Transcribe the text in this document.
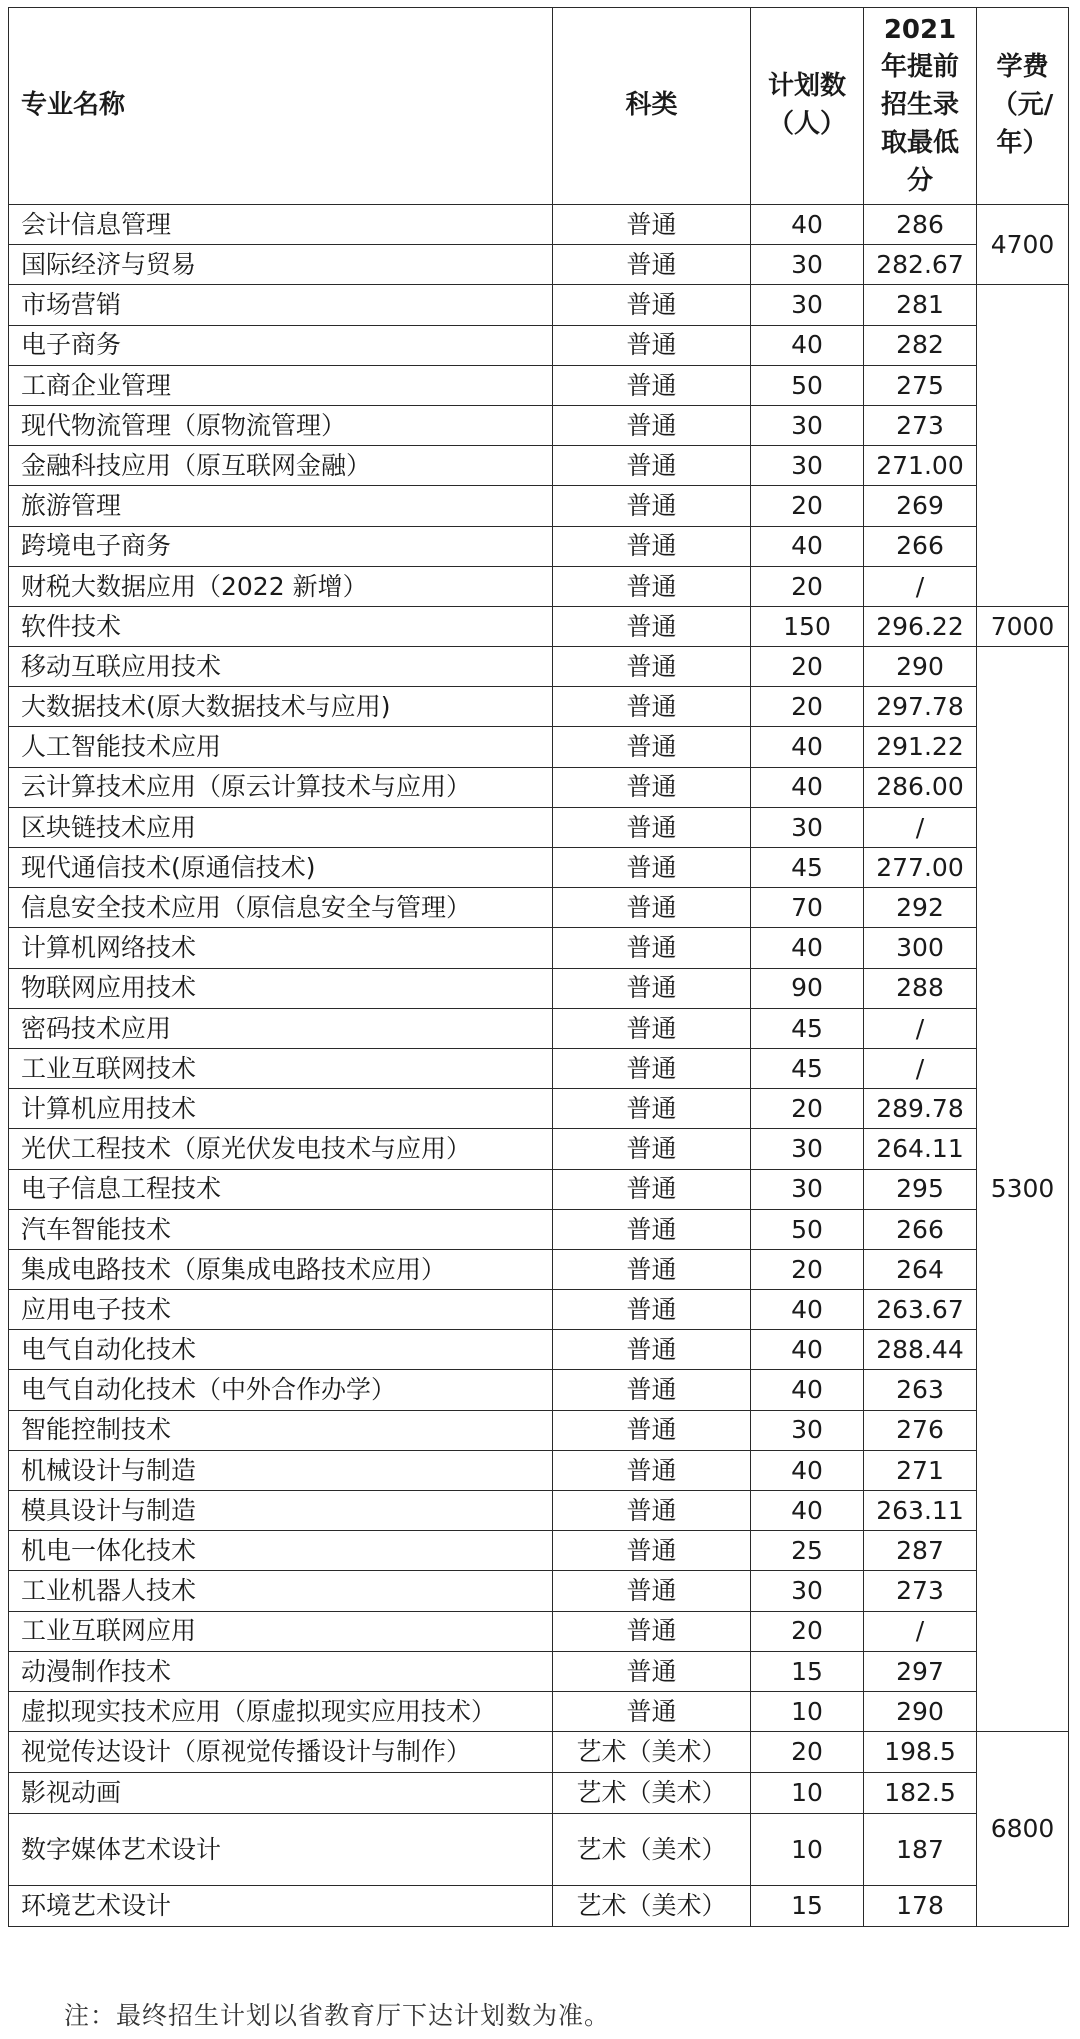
专业名称	科类	计划数（人）	2021年提前招生录取最低分	学费（元/年）
会计信息管理	普通	40	286	4700
国际经济与贸易	普通	30	282.67	
市场营销	普通	30	281	
电子商务	普通	40	282	
工商企业管理	普通	50	275	
现代物流管理（原物流管理）	普通	30	273	
金融科技应用（原互联网金融）	普通	30	271.00	
旅游管理	普通	20	269	
跨境电子商务	普通	40	266	
财税大数据应用（2022 新增）	普通	20	/	
软件技术	普通	150	296.22	7000
移动互联应用技术	普通	20	290	5300
大数据技术(原大数据技术与应用)	普通	20	297.78	
人工智能技术应用	普通	40	291.22	
云计算技术应用（原云计算技术与应用）	普通	40	286.00	
区块链技术应用	普通	30	/	
现代通信技术(原通信技术)	普通	45	277.00	
信息安全技术应用（原信息安全与管理）	普通	70	292	
计算机网络技术	普通	40	300	
物联网应用技术	普通	90	288	
密码技术应用	普通	45	/	
工业互联网技术	普通	45	/	
计算机应用技术	普通	20	289.78	
光伏工程技术（原光伏发电技术与应用）	普通	30	264.11	
电子信息工程技术	普通	30	295	
汽车智能技术	普通	50	266	
集成电路技术（原集成电路技术应用）	普通	20	264	
应用电子技术	普通	40	263.67	
电气自动化技术	普通	40	288.44	
电气自动化技术（中外合作办学）	普通	40	263	
智能控制技术	普通	30	276	
机械设计与制造	普通	40	271	
模具设计与制造	普通	40	263.11	
机电一体化技术	普通	25	287	
工业机器人技术	普通	30	273	
工业互联网应用	普通	20	/	
动漫制作技术	普通	15	297	
虚拟现实技术应用（原虚拟现实应用技术）	普通	10	290	
视觉传达设计（原视觉传播设计与制作）	艺术（美术）	20	198.5	6800
影视动画	艺术（美术）	10	182.5	
数字媒体艺术设计	艺术（美术）	10	187	
环境艺术设计	艺术（美术）	15	178	
注：最终招生计划以省教育厅下达计划数为准。
